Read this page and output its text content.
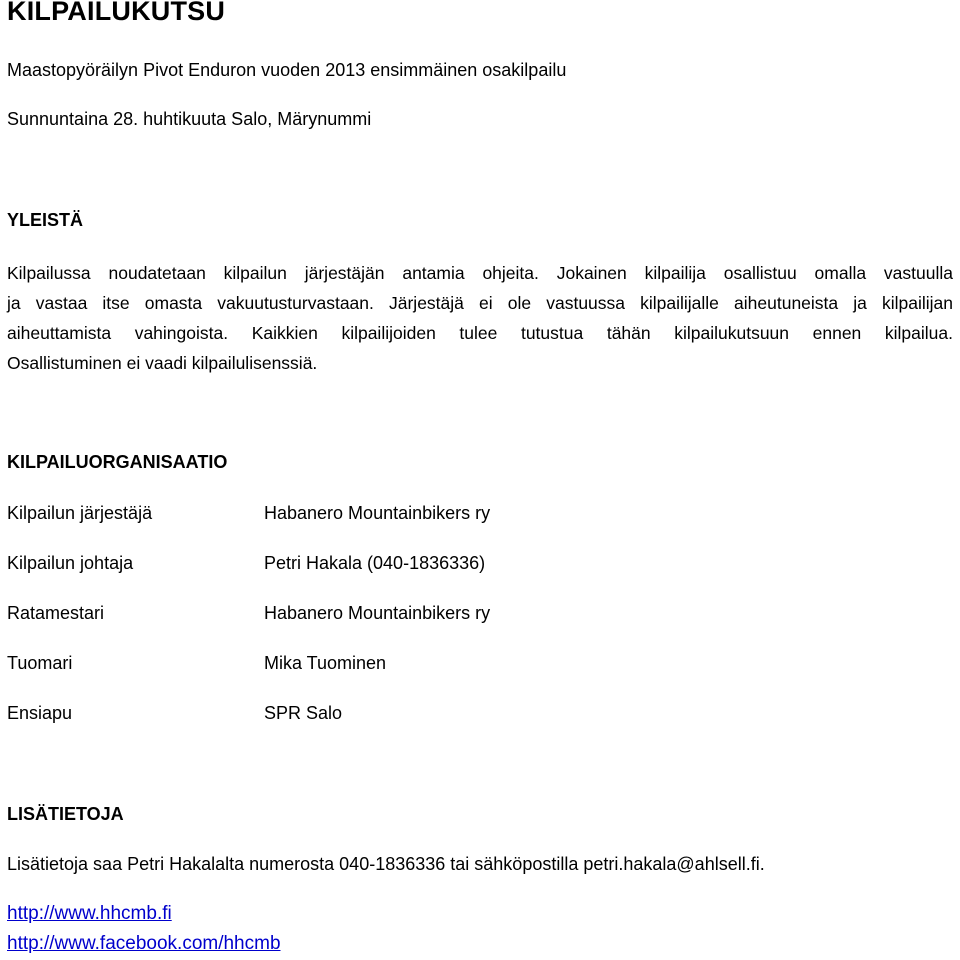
KILPAILUKUTSU
Maastopyöräilyn Pivot Enduron vuoden 2013 ensimmäinen osakilpailu
Sunnuntaina 28. huhtikuuta Salo, Märynummi
YLEISTÄ
Kilpailussa noudatetaan kilpailun järjestäjän antamia ohjeita. Jokainen kilpailija osallistuu omalla vastuulla
ja vastaa itse omasta vakuutusturvastaan. Järjestäjä ei ole vastuussa kilpailijalle aiheutuneista ja kilpailijan
aiheuttamista vahingoista. Kaikkien kilpailijoiden tulee tutustua tähän kilpailukutsuun ennen kilpailua.
Osallistuminen ei vaadi kilpailulisenssiä.
KILPAILUORGANISAATIO
Kilpailun järjestäjä	Habanero Mountainbikers ry
Kilpailun johtaja	Petri Hakala (040-1836336)
Ratamestari	Habanero Mountainbikers ry
Tuomari	Mika Tuominen
Ensiapu	SPR Salo
LISÄTIETOJA
Lisätietoja saa Petri Hakalalta numerosta 040-1836336 tai sähköpostilla petri.hakala@ahlsell.fi.
http://www.hhcmb.fi
http://www.facebook.com/hhcmb
